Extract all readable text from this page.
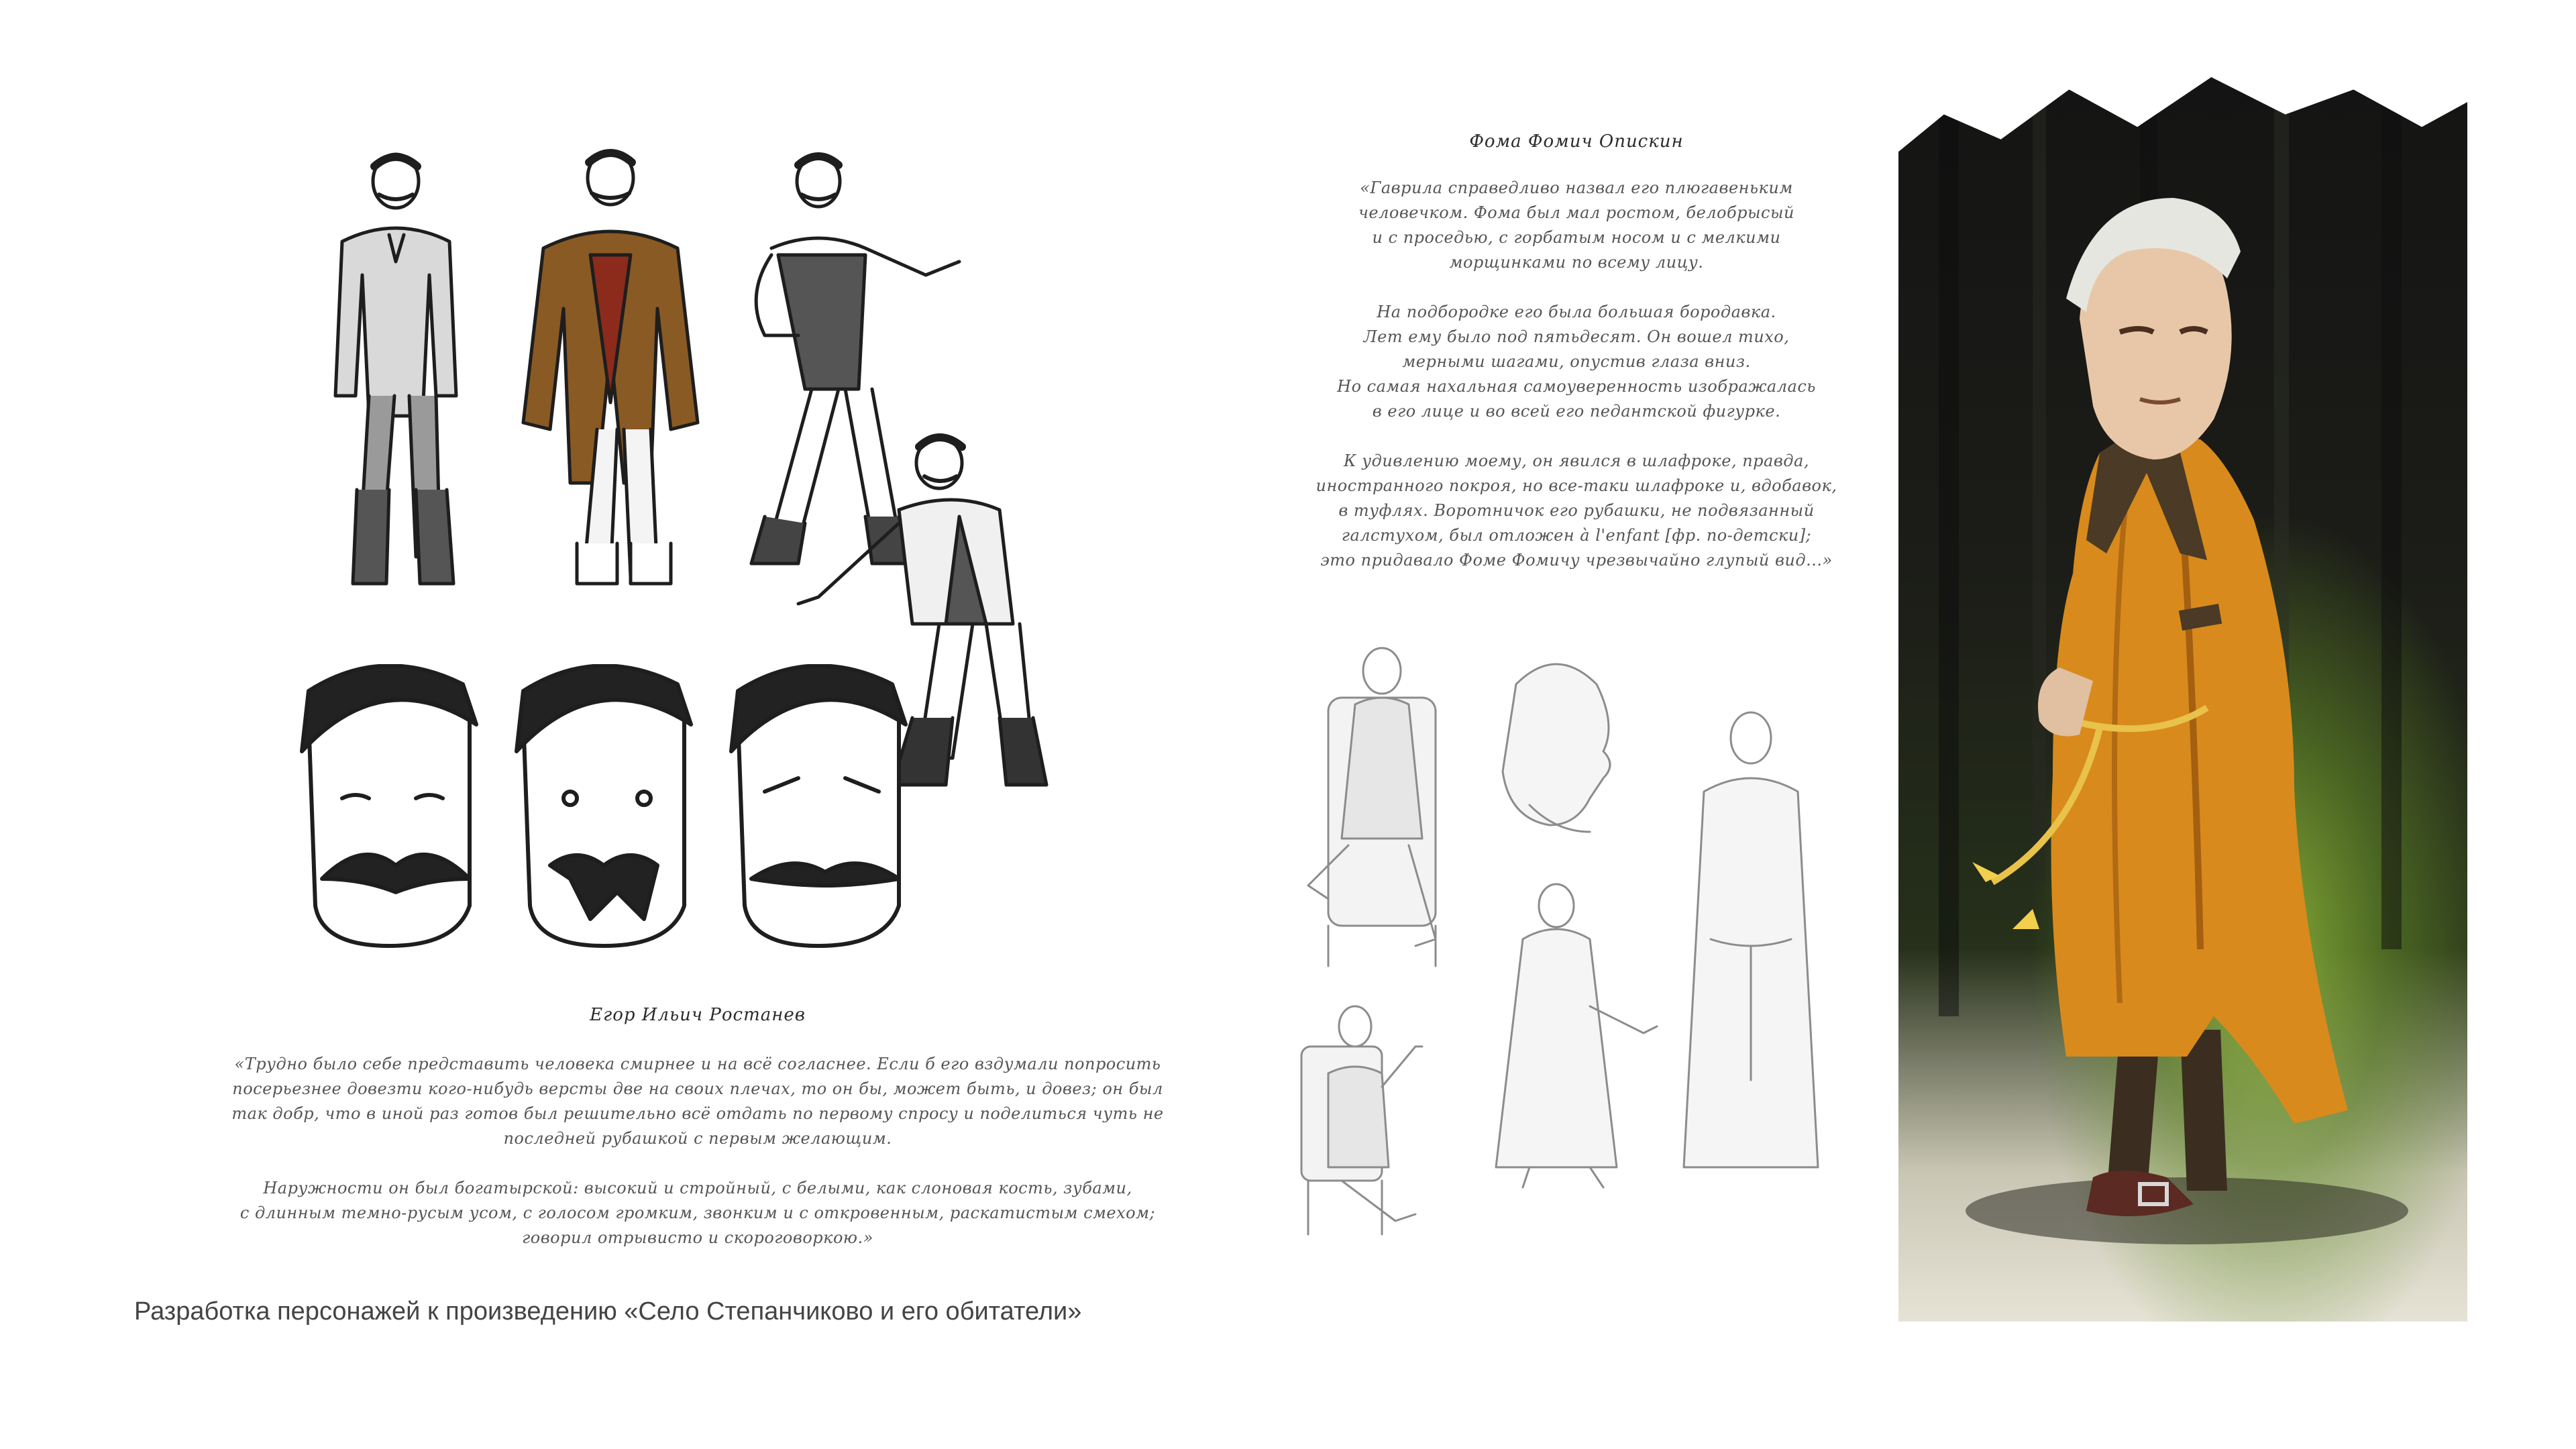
Егор Ильич Ростанев
«Трудно было себе представить человека смирнее и на всё согласнее. Если б его вздумали попросить
посерьезнее довезти кого-нибудь версты две на своих плечах, то он бы, может быть, и довез; он был
так добр, что в иной раз готов был решительно всё отдать по первому спросу и поделиться чуть не
последней рубашкой с первым желающим.

Наружности он был богатырской: высокий и стройный, с белыми, как слоновая кость, зубами,
с длинным темно-русым усом, с голосом громким, звонким и с откровенным, раскатистым смехом;
говорил отрывисто и скороговоркою.»
Фома Фомич Опискин
«Гаврила справедливо назвал его плюгавеньким
человечком. Фома был мал ростом, белобрысый
и с проседью, с горбатым носом и с мелкими
морщинками по всему лицу.

На подбородке его была большая бородавка.
Лет ему было под пятьдесят. Он вошел тихо,
мерными шагами, опустив глаза вниз.
Но самая нахальная самоуверенность изображалась
в его лице и во всей его педантской фигурке.

К удивлению моему, он явился в шлафроке, правда,
иностранного покроя, но все-таки шлафроке и, вдобавок,
в туфлях. Воротничок его рубашки, не подвязанный
галстухом, был отложен à l'enfant [фр. по-детски];
это придавало Фоме Фомичу чрезвычайно глупый вид...»
Разработка персонажей к произведению «Село Степанчиково и его обитатели»
